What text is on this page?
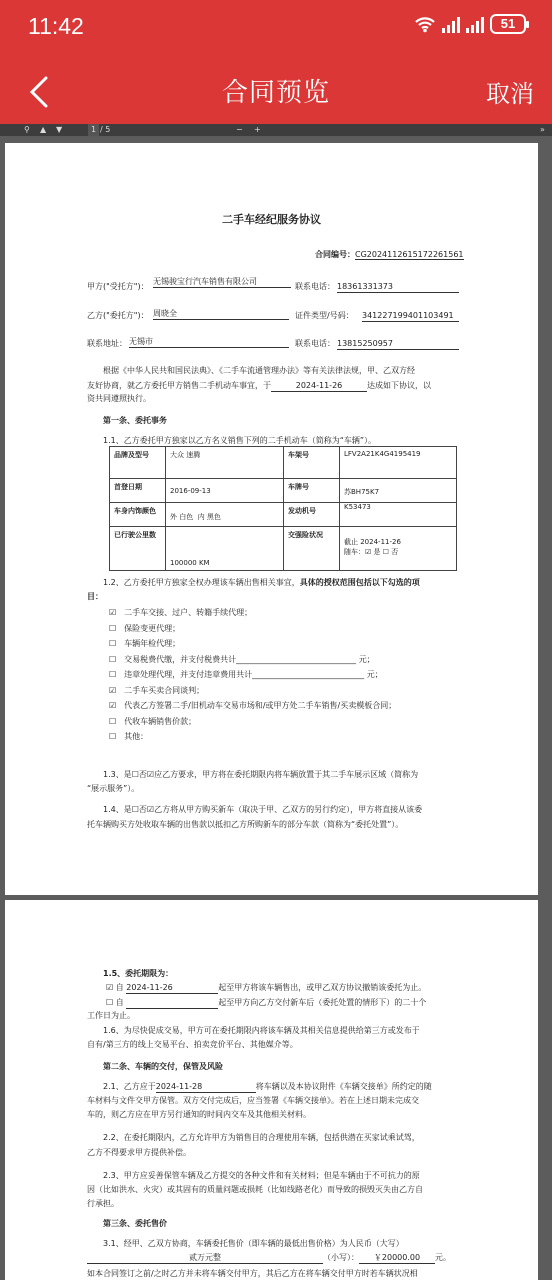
11:42	51
合同预览	取消
⚲ ▲ ▼	1 / 5	− +	»
二手车经纪服务协议
合同编号：CG2024112615172261561
甲方("受托方")：
无锡骏宝行汽车销售有限公司
联系电话： 18361331373
乙方("委托方")： 周晓全	证件类型/号码： 341227199401103491
联系地址： 无锡市	联系电话： 13815250957
根据《中华人民共和国民法典》、《二手车流通管理办法》等有关法律法规，甲、乙双方经
友好协商，就乙方委托甲方销售二手机动车事宜，于	2024-11-26	达成如下协议，以
资共同遵照执行。
第一条、委托事务
1.1、乙方委托甲方独家以乙方名义销售下列的二手机动车（简称为“车辆”）。
品牌及型号	大众 速腾	车架号	LFV2A21K4G4195419
首登日期	2016-09-13	车牌号	苏BH75K7
车身内饰颜色	外 白色 内 黑色	发动机号	K53473
已行驶公里数	100000 KM	交强险状况	截止 2024-11-26
随车：☑ 是 ☐ 否
1.2、乙方委托甲方独家全权办理该车辆出售相关事宜，具体的授权范围包括以下勾选的项
目：
☑ 二手车交接、过户、转籍手续代理；
☐ 保险变更代理；
☐ 车辆年检代理；
☐ 交易税费代缴，并支付税费共计______________________________ 元；
☐ 违章处理代理，并支付违章费用共计____________________________ 元；
☑ 二手车买卖合同谈判；
☑ 代表乙方签署二手/旧机动车交易市场和/或甲方处二手车销售/买卖模板合同；
☐ 代收车辆销售价款；
☐ 其他：
1.3、是☐否☑应乙方要求，甲方将在委托期限内将车辆放置于其二手车展示区域（简称为
“展示服务”）。
1.4、是☐否☑乙方将从甲方购买新车（取决于甲、乙双方的另行约定），甲方将直接从该委
托车辆购买方处收取车辆的出售款以抵扣乙方所购新车的部分车款（简称为“委托处置”）。
1.5、委托期限为：
☑ 自 2024-11-26	起至甲方将该车辆售出，或甲乙双方协议撤销该委托为止。
☐ 自	起至甲方向乙方交付新车后（委托处置的情形下）的二十个
工作日为止。
1.6、为尽快促成交易，甲方可在委托期限内将该车辆及其相关信息提供给第三方或发布于
自有/第三方的线上交易平台、拍卖竞价平台、其他媒介等。
第二条、车辆的交付，保管及风险
2.1、乙方应于2024-11-28	将车辆以及本协议附件《车辆交接单》所约定的随
车材料与文件交甲方保管。双方交付完成后，应当签署《车辆交接单》。若在上述日期未完成交
车的，则乙方应在甲方另行通知的时间内交车及其他相关材料。
2.2、在委托期限内，乙方允许甲方为销售目的合理使用车辆，包括供潜在买家试乘试驾，
乙方不得要求甲方提供补偿。
2.3、甲方应妥善保管车辆及乙方提交的各种文件和有关材料；但是车辆由于不可抗力的原
因（比如洪水、火灾）或其固有的质量问题或损耗（比如线路老化）而导致的损毁灭失由乙方自
行承担。
第三条、委托售价
3.1、经甲、乙双方协商，车辆委托售价（即车辆的最低出售价格）为人民币（大写）
贰万元整	（小写）： ￥20000.00 元。
如本合同签订之前/之时乙方并未将车辆交付甲方，其后乙方在将车辆交付甲方时若车辆状况相
